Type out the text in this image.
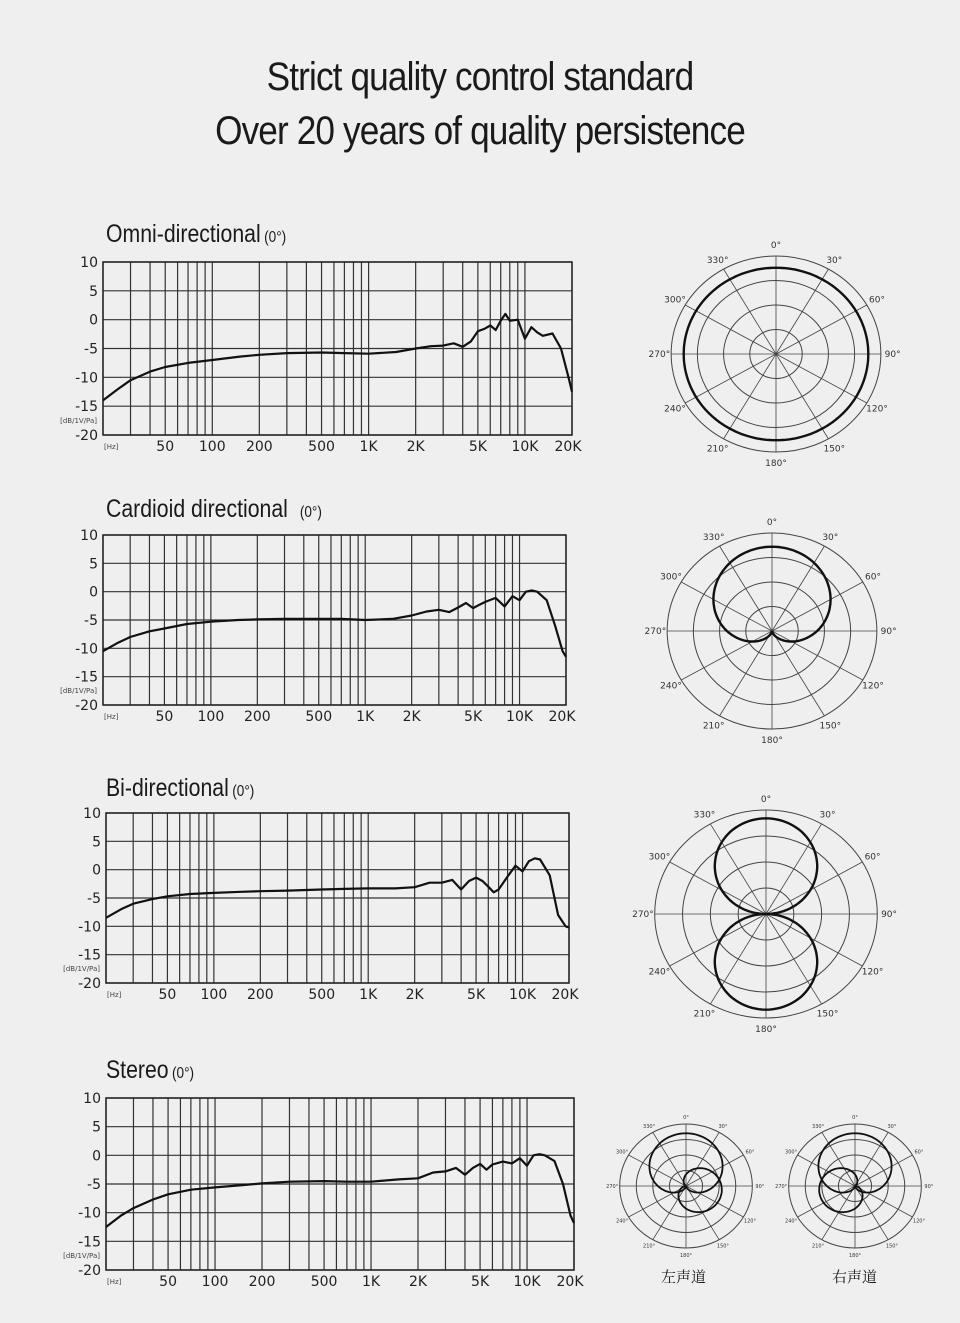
Strict quality control standard
Over 20 years of quality persistence
Omni-directional (0°)
Cardioid directional (0°)
Bi-directional (0°)
Stereo (0°)
10
5
0
-5
-10
-15
-20
[dB/1V/Pa]
[Hz]	50 100 200	500 1K 2K	5K 10K 20K
10
5
0
-5
-10
-15
-20
[dB/1V/Pa]
[Hz]	50 100 200 500 1K 2K	5K 10K 20K
10
5
0
-5
-10
-15
-20
[dB/1V/Pa]
[Hz]	50 100 200 500 1K 2K	5K 10K 20K
10
5
0
-5
-10
-15
-20
[dB/1V/Pa]
[Hz]	50 100 200	500 1K 2K	5K 10K 20K
0°
30°
60°
90°
120°
150°
180°
210°
240°
270°
300°
330°
0°
30°
60°
90°
120°
150°
180°
210°
240°
270°
300°
330°
0°
30°
60°
90°
120°
150°
180°
210°
240°
270°
300°
330°
0°
30°
60°
90°
120°
150°
180°
210°
240°
270°
300°
330°
0°
30°
60°
90°
120°
150°
180°
210°
240°
270°
300°
330°
左声道	右声道
